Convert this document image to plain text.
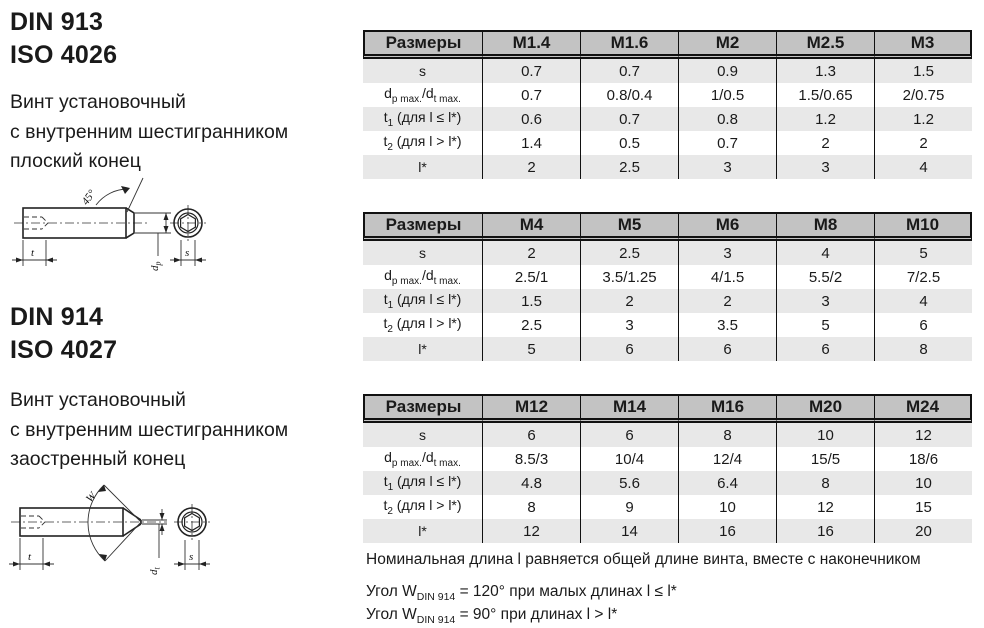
DIN 913
ISO 4026
Винт установочный
с внутренним шестигранником
плоский конец
45°
t
$d_p$
s
DIN 914
ISO 4027
Винт установочный
с внутренним шестигранником
заостренный конец
W
t
$d_t$
s
Размеры	M1.4	M1.6	M2	M2.5	M3
s	0.7	0.7	0.9	1.3	1.5
$d_{p max.}/d_{t max.}$	0.7	0.8/0.4	1/0.5	1.5/0.65	2/0.75
$t_1$ (для l ≤ l*)	0.6	0.7	0.8	1.2	1.2
$t_2$ (для l > l*)	1.4	0.5	0.7	2	2
l*	2	2.5	3	3	4
Размеры	M4	M5	M6	M8	M10
s	2	2.5	3	4	5
$d_{p max.}/d_{t max.}$	2.5/1	3.5/1.25	4/1.5	5.5/2	7/2.5
$t_1$ (для l ≤ l*)	1.5	2	2	3	4
$t_2$ (для l > l*)	2.5	3	3.5	5	6
l*	5	6	6	6	8
Размеры	M12	M14	M16	M20	M24
s	6	6	8	10	12
$d_{p max.}/d_{t max.}$	8.5/3	10/4	12/4	15/5	18/6
$t_1$ (для l ≤ l*)	4.8	5.6	6.4	8	10
$t_2$ (для l > l*)	8	9	10	12	15
l*	12	14	16	16	20

Номинальная длина l равняется общей длине винта, вместе с наконечником

Угол $W_{DIN 914} = 120^\circ$ при малых длинах l ≤ l*

Угол $W_{DIN 914} = 90^\circ$ при длинах l > l*
